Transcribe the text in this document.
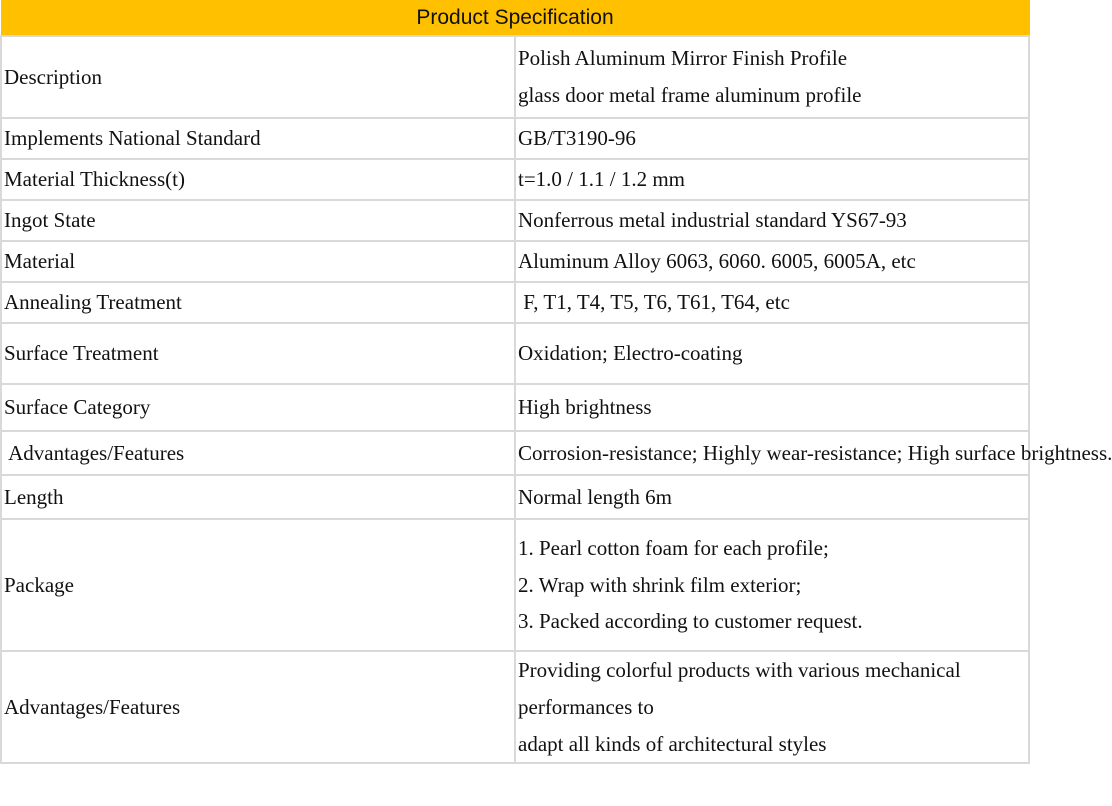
Product Specification	
Description	Polish Aluminum Mirror Finish Profile
glass door metal frame aluminum profile

Implements National Standard	GB/T3190-96
Material Thickness(t)	t=1.0 / 1.1 / 1.2 mm
Ingot State	Nonferrous metal industrial standard YS67-93
Material	Aluminum Alloy 6063, 6060. 6005, 6005A, etc
Annealing Treatment	F, T1, T4, T5, T6, T61, T64, etc
Surface Treatment	Oxidation; Electro-coating
Surface Category	High brightness
Advantages/Features	Corrosion-resistance; Highly wear-resistance; High surface brightness.
Length	Normal length 6m
Package	1. Pearl cotton foam for each profile;
2. Wrap with shrink film exterior;
3. Packed according to customer request.

Advantages/Features	Providing colorful products with various mechanical performances to
adapt all kinds of architectural styles
